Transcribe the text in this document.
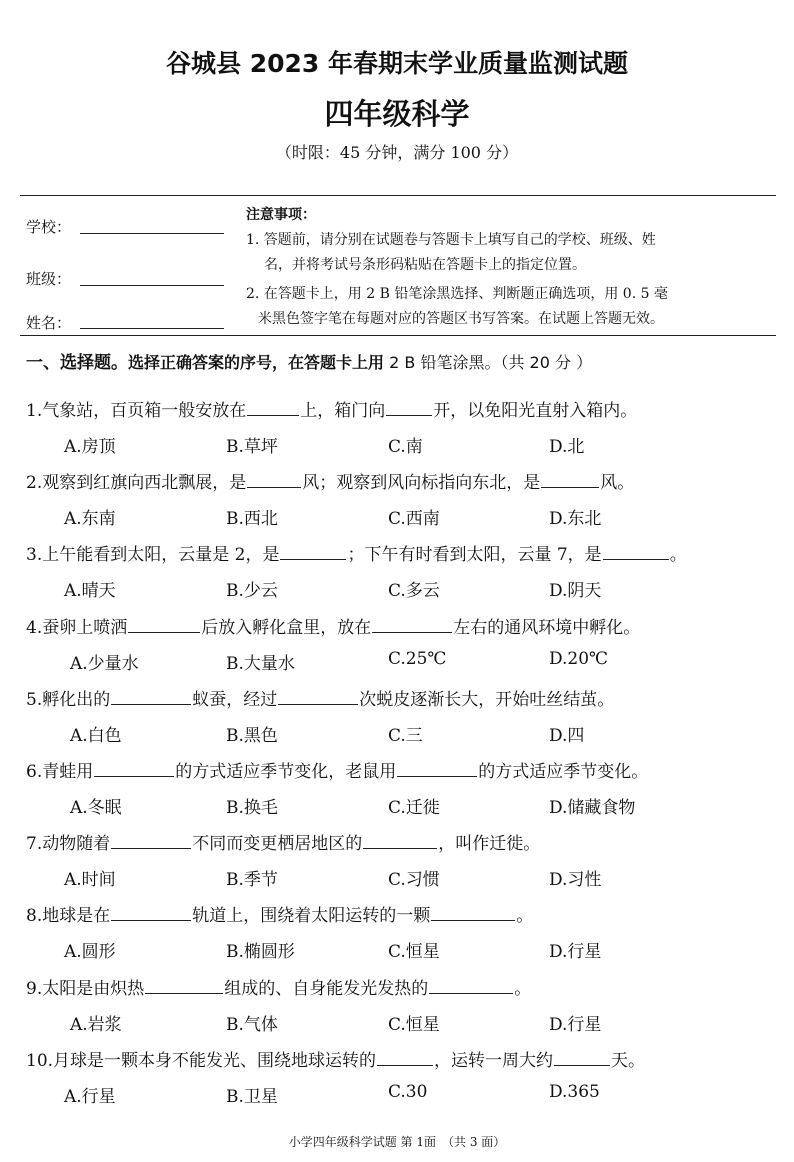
谷城县 2023 年春期末学业质量监测试题
四年级科学
（时限：45 分钟，满分 100 分）
学校：
班级：
姓名：
注意事项：
1. 答题前，请分别在试题卷与答题卡上填写自己的学校、班级、姓
名，并将考试号条形码粘贴在答题卡上的指定位置。
2. 在答题卡上，用 2 B 铅笔涂黑选择、判断题正确选项，用 0. 5 毫
米黑色签字笔在每题对应的答题区书写答案。在试题上答题无效。
一、选择题。选择正确答案的序号，在答题卡上用 2 B 铅笔涂黑。（共 20 分 ）
1.气象站，百页箱一般安放在	上，箱门向	开，以免阳光直射入箱内。
A.房顶	B.草坪	C.南	D.北
2.观察到红旗向西北飘展，是	风；观察到风向标指向东北，是	风。
A.东南	B.西北	C.西南	D.东北
3.上午能看到太阳，云量是 2，是	；下午有时看到太阳，云量 7，是	。
A.晴天	B.少云	C.多云	D.阴天
4.蚕卵上喷洒	后放入孵化盒里，放在	左右的通风环境中孵化。
A.少量水	B.大量水	C.25℃	D.20℃
5.孵化出的	蚁蚕，经过	次蜕皮逐渐长大，开始吐丝结茧。
A.白色	B.黑色	C.三	D.四
6.青蛙用	的方式适应季节变化，老鼠用	的方式适应季节变化。
A.冬眠	B.换毛	C.迁徙	D.储藏食物
7.动物随着	不同而变更栖居地区的	，叫作迁徙。
A.时间	B.季节	C.习惯	D.习性
8.地球是在	轨道上，围绕着太阳运转的一颗	。
A.圆形	B.椭圆形	C.恒星	D.行星
9.太阳是由炽热	组成的、自身能发光发热的	。
A.岩浆	B.气体	C.恒星	D.行星
10.月球是一颗本身不能发光、围绕地球运转的	，运转一周大约	天。
A.行星	B.卫星	C.30	D.365
小学四年级科学试题 第 1面　（共 3 面）
